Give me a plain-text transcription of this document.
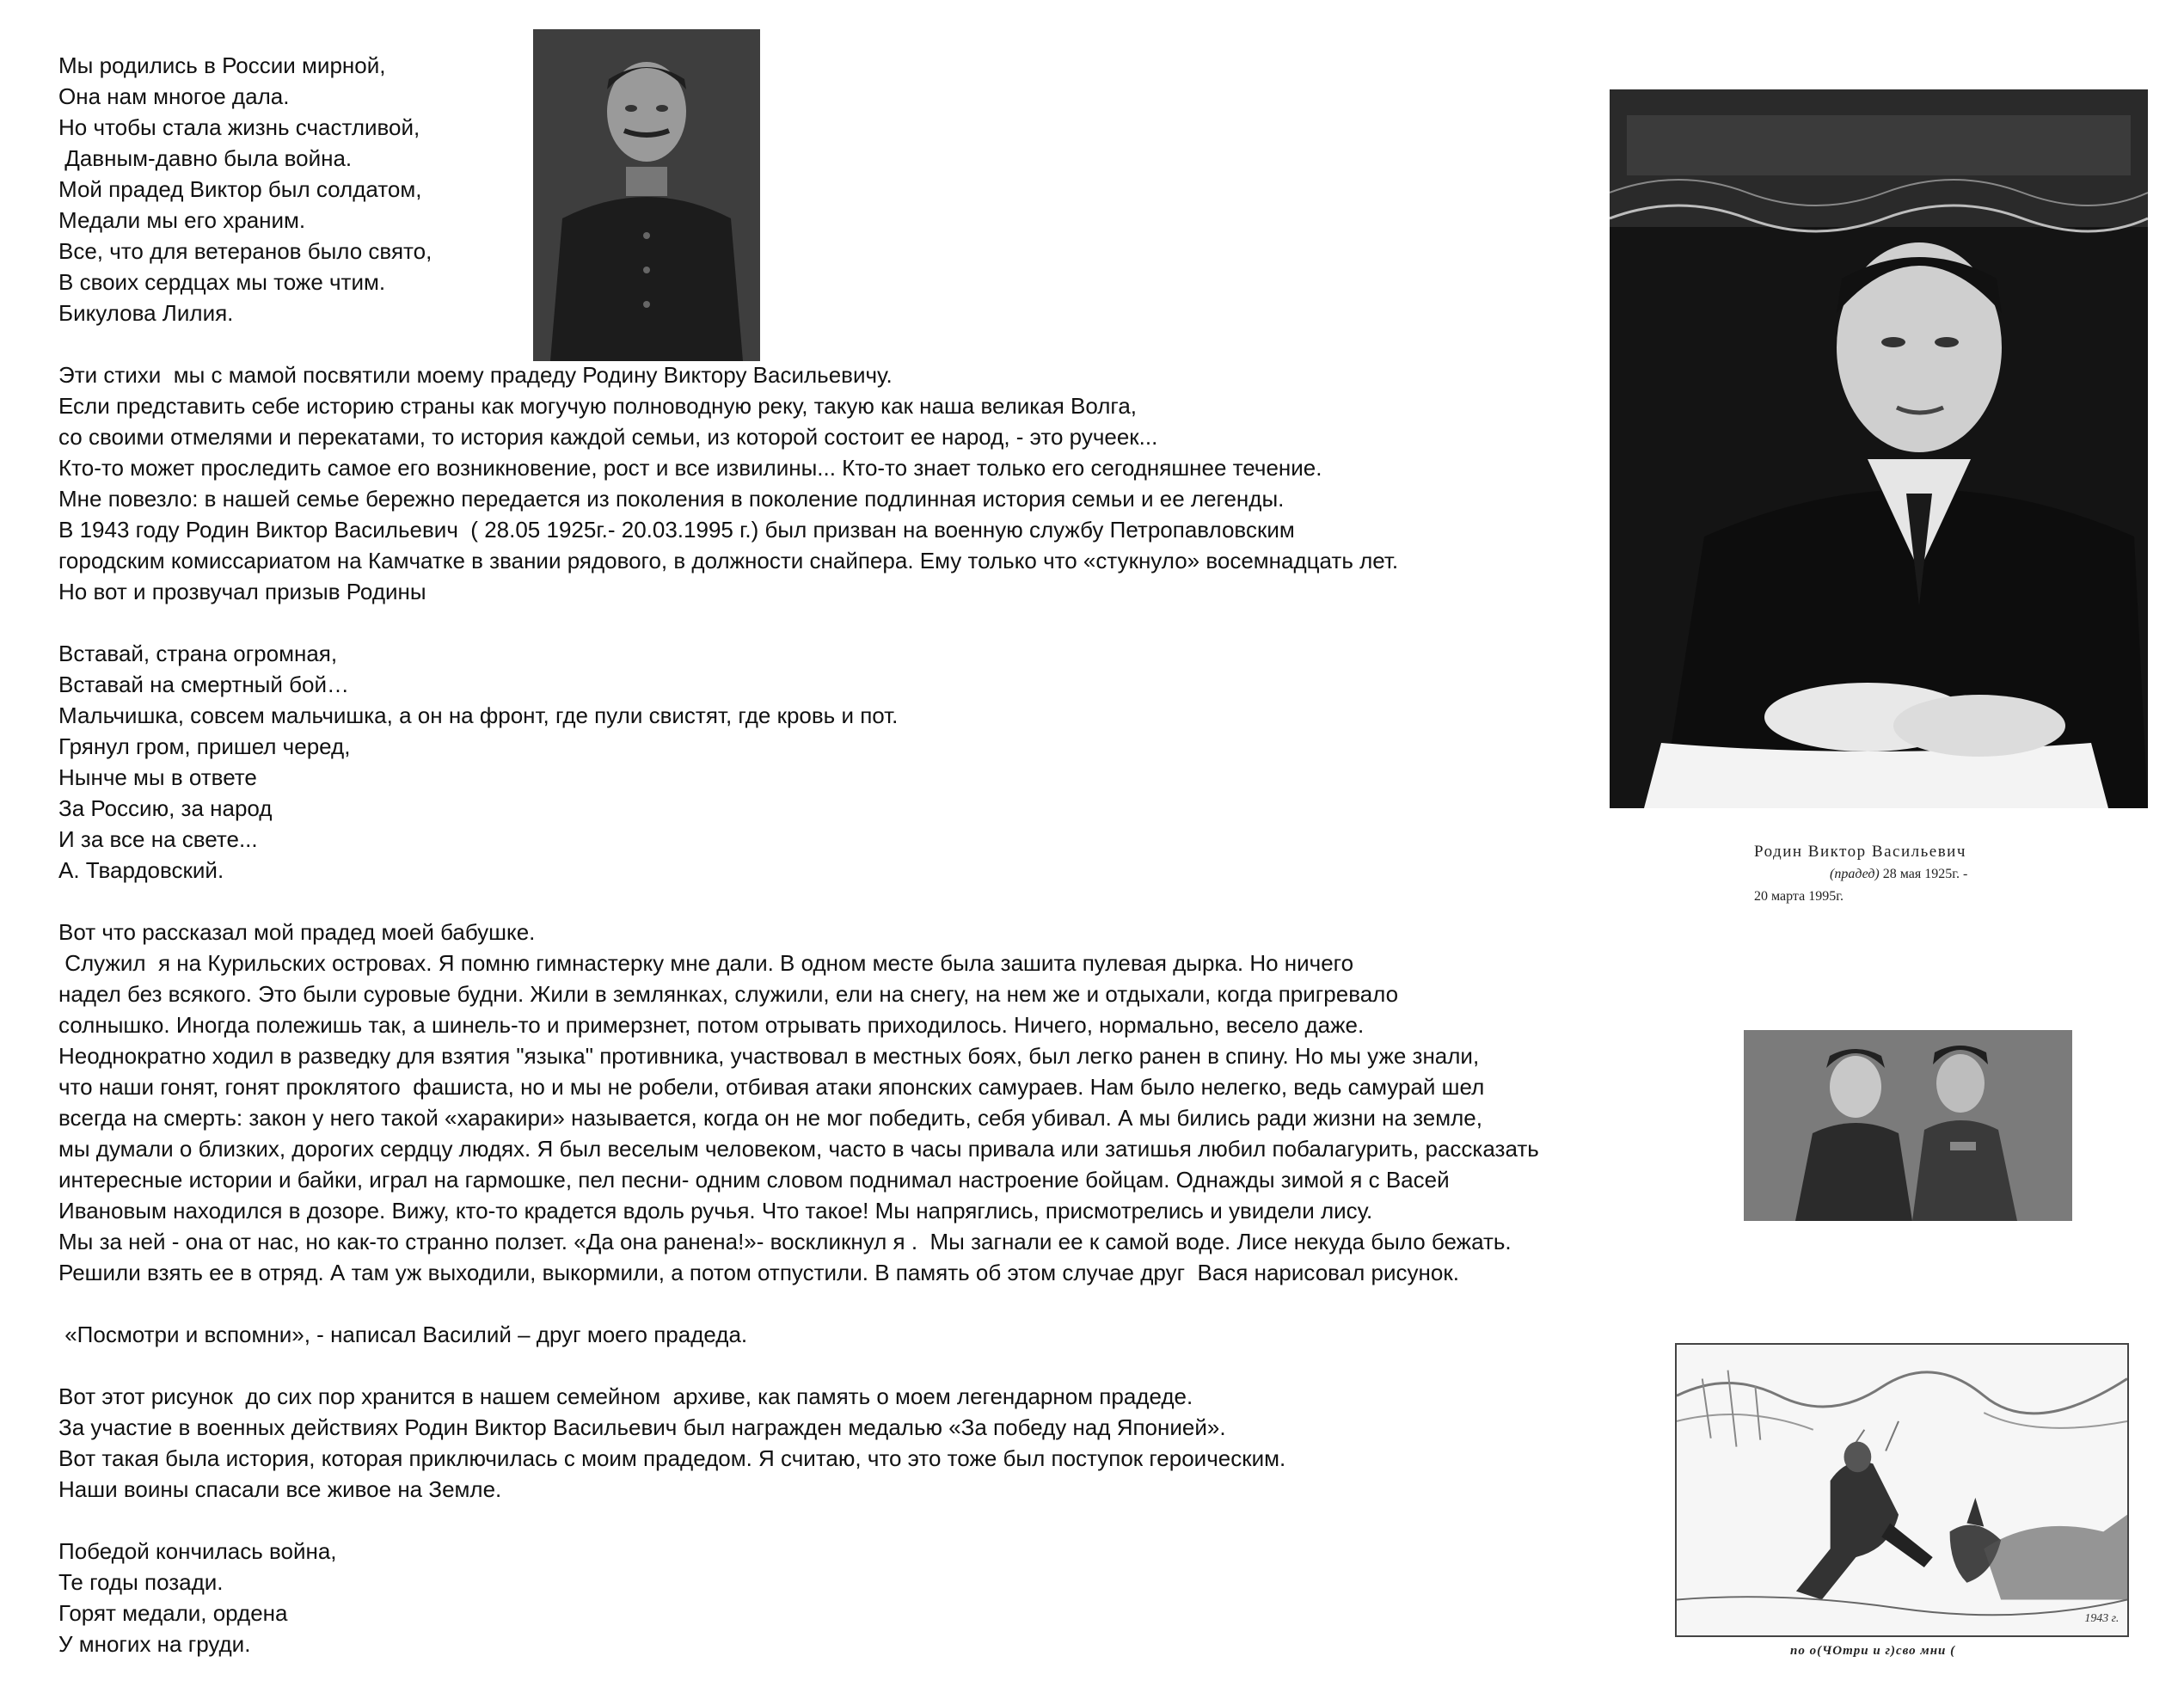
Мы родились в России мирной,
Она нам многое дала.
Но чтобы стала жизнь счастливой,
Давным-давно была война.
Мой прадед Виктор был солдатом,
Медали мы его храним.
Все, что для ветеранов было свято,
В своих сердцах мы тоже чтим.
Бикулова Лилия.
Эти стихи  мы с мамой посвятили моему прадеду Родину Виктору Васильевичу.
Если представить себе историю страны как могучую полноводную реку, такую как наша великая Волга,
со своими отмелями и перекатами, то история каждой семьи, из которой состоит ее народ, - это ручеек...
Кто-то может проследить самое его возникновение, рост и все извилины... Кто-то знает только его сегодняшнее течение.
Мне повезло: в нашей семье бережно передается из поколения в поколение подлинная история семьи и ее легенды.
В 1943 году Родин Виктор Васильевич  ( 28.05 1925г.- 20.03.1995 г.) был призван на военную службу Петропавловским
городским комиссариатом на Камчатке в звании рядового, в должности снайпера. Ему только что «стукнуло» восемнадцать лет.
Но вот и прозвучал призыв Родины
Вставай, страна огромная,
Вставай на смертный бой…
Мальчишка, совсем мальчишка, а он на фронт, где пули свистят, где кровь и пот.
Грянул гром, пришел черед,
Нынче мы в ответе
За Россию, за народ
И за все на свете...
А. Твардовский.
Вот что рассказал мой прадед моей бабушке.
Служил  я на Курильских островах. Я помню гимнастерку мне дали. В одном месте была зашита пулевая дырка. Но ничего
надел без всякого. Это были суровые будни. Жили в землянках, служили, ели на снегу, на нем же и отдыхали, когда пригревало
солнышко. Иногда полежишь так, а шинель-то и примерзнет, потом отрывать приходилось. Ничего, нормально, весело даже.
Неоднократно ходил в разведку для взятия "языка" противника, участвовал в местных боях, был легко ранен в спину. Но мы уже знали,
что наши гонят, гонят проклятого  фашиста, но и мы не робели, отбивая атаки японских самураев. Нам было нелегко, ведь самурай шел
всегда на смерть: закон у него такой «харакири» называется, когда он не мог победить, себя убивал. А мы бились ради жизни на земле,
мы думали о близких, дорогих сердцу людях. Я был веселым человеком, часто в часы привала или затишья любил побалагурить, рассказать
интересные истории и байки, играл на гармошке, пел песни- одним словом поднимал настроение бойцам. Однажды зимой я с Васей
Ивановым находился в дозоре. Вижу, кто-то крадется вдоль ручья. Что такое! Мы напряглись, присмотрелись и увидели лису.
Мы за ней - она от нас, но как-то странно ползет. «Да она ранена!»- воскликнул я .  Мы загнали ее к самой воде. Лисе некуда было бежать.
Решили взять ее в отряд. А там уж выходили, выкормили, а потом отпустили. В память об этом случае друг  Вася нарисовал рисунок.
«Посмотри и вспомни», - написал Василий – друг моего прадеда.
Вот этот рисунок  до сих пор хранится в нашем семейном  архиве, как память о моем легендарном прадеде.
За участие в военных действиях Родин Виктор Васильевич был награжден медалью «За победу над Японией».
Вот такая была история, которая приключилась с моим прадедом. Я считаю, что это тоже был поступок героическим.
Наши воины спасали все живое на Земле.
Победой кончилась война,
Те годы позади.
Горят медали, ордена
У многих на груди.
Родин Виктор Васильевич
(прадед) 28 мая 1925г. -
20 марта 1995г.
1943 г.
по о(ЧОтри и г)сво мни (
